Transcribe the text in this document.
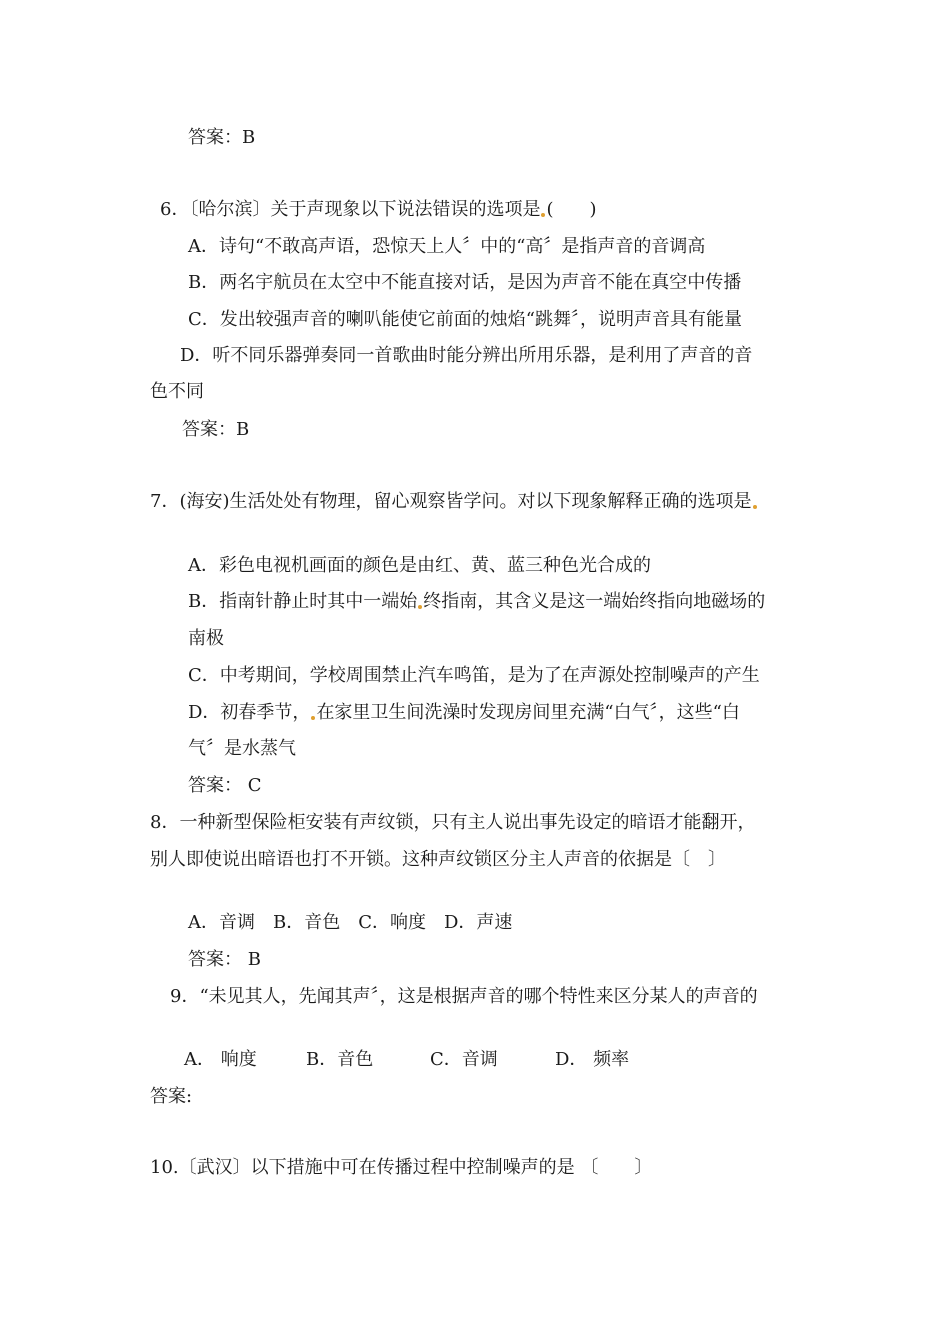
答案：B
6．〔哈尔滨〕关于声现象以下说法错误的选项是 (　　)
A．诗句“不敢高声语，恐惊天上人〞中的“高〞是指声音的音调高
B．两名宇航员在太空中不能直接对话，是因为声音不能在真空中传播
C．发出较强声音的喇叭能使它前面的烛焰“跳舞〞，说明声音具有能量
D．听不同乐器弹奏同一首歌曲时能分辨出所用乐器，是利用了声音的音
色不同
答案：B
7．(海安)生活处处有物理，留心观察皆学问。对以下现象解释正确的选项是
A．彩色电视机画面的颜色是由红、黄、蓝三种色光合成的
B．指南针静止时其中一端始 终指南，其含义是这一端始终指向地磁场的
南极
C．中考期间，学校周围禁止汽车鸣笛，是为了在声源处控制噪声的产生
D．初春季节， 在家里卫生间洗澡时发现房间里充满“白气〞，这些“白
气〞是水蒸气
答案： C
8．一种新型保险柜安装有声纹锁，只有主人说出事先设定的暗语才能翻开，
别人即使说出暗语也打不开锁。这种声纹锁区分主人声音的依据是〔　〕
A．音调　B．音色　C．响度　D．声速
答案： B
9．“未见其人，先闻其声〞，这是根据声音的哪个特性来区分某人的声音的
A． 响度	B．音色	C．音调	D． 频率
答案:
10.〔武汉〕以下措施中可在传播过程中控制噪声的是 〔　　〕
